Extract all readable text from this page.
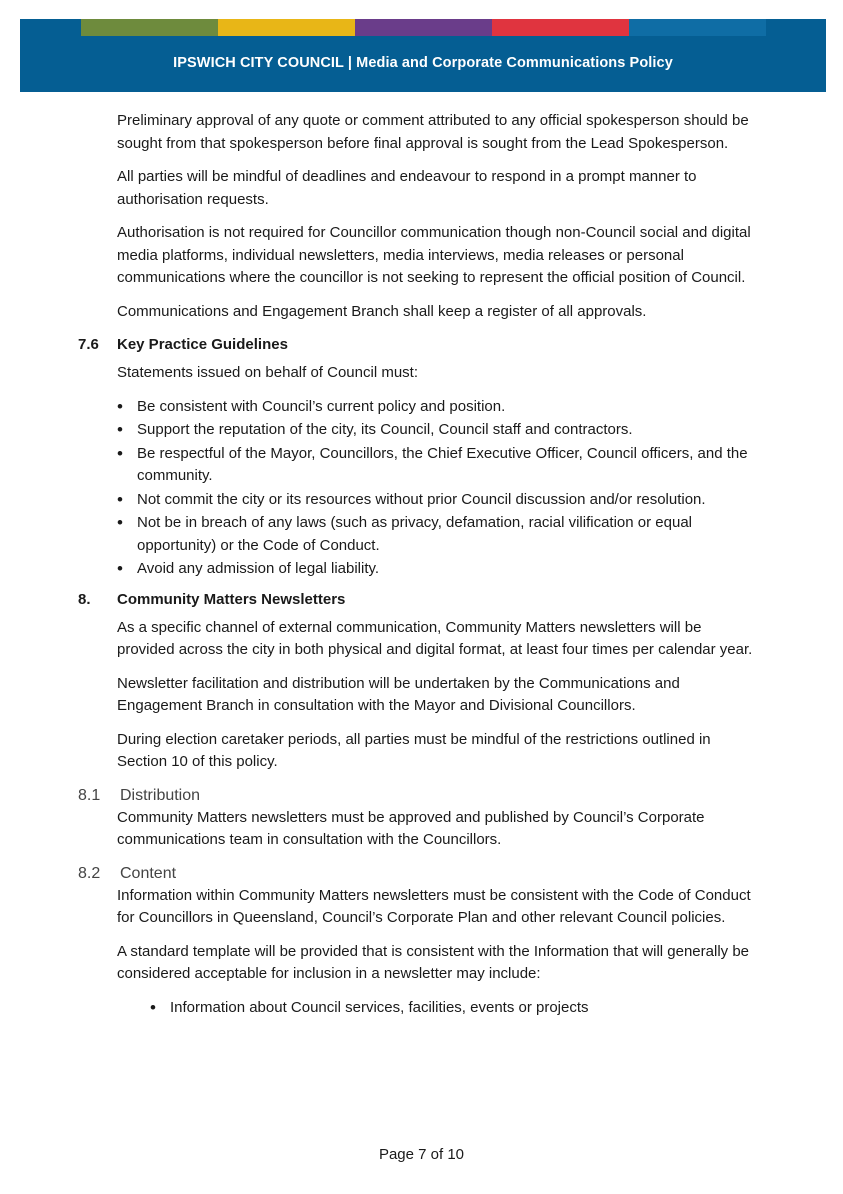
IPSWICH CITY COUNCIL | Media and Corporate Communications Policy

Preliminary approval of any quote or comment attributed to any official spokesperson should be sought from that spokesperson before final approval is sought from the Lead Spokesperson.

All parties will be mindful of deadlines and endeavour to respond in a prompt manner to authorisation requests.

Authorisation is not required for Councillor communication though non-Council social and digital media platforms, individual newsletters, media interviews, media releases or personal communications where the councillor is not seeking to represent the official position of Council.

Communications and Engagement Branch shall keep a register of all approvals.

7.6 Key Practice Guidelines

Statements issued on behalf of Council must:

• Be consistent with Council’s current policy and position.
• Support the reputation of the city, its Council, Council staff and contractors.
• Be respectful of the Mayor, Councillors, the Chief Executive Officer, Council officers, and the community.
• Not commit the city or its resources without prior Council discussion and/or resolution.
• Not be in breach of any laws (such as privacy, defamation, racial vilification or equal opportunity) or the Code of Conduct.
• Avoid any admission of legal liability.
8. Community Matters Newsletters

As a specific channel of external communication, Community Matters newsletters will be provided across the city in both physical and digital format, at least four times per calendar year.

Newsletter facilitation and distribution will be undertaken by the Communications and Engagement Branch in consultation with the Mayor and Divisional Councillors.

During election caretaker periods, all parties must be mindful of the restrictions outlined in Section 10 of this policy.

8.1 Distribution

Community Matters newsletters must be approved and published by Council’s Corporate communications team in consultation with the Councillors.

8.2 Content

Information within Community Matters newsletters must be consistent with the Code of Conduct for Councillors in Queensland, Council’s Corporate Plan and other relevant Council policies.

A standard template will be provided that is consistent with the Information that will generally be considered acceptable for inclusion in a newsletter may include:

• Information about Council services, facilities, events or projects
Page 7 of 10
